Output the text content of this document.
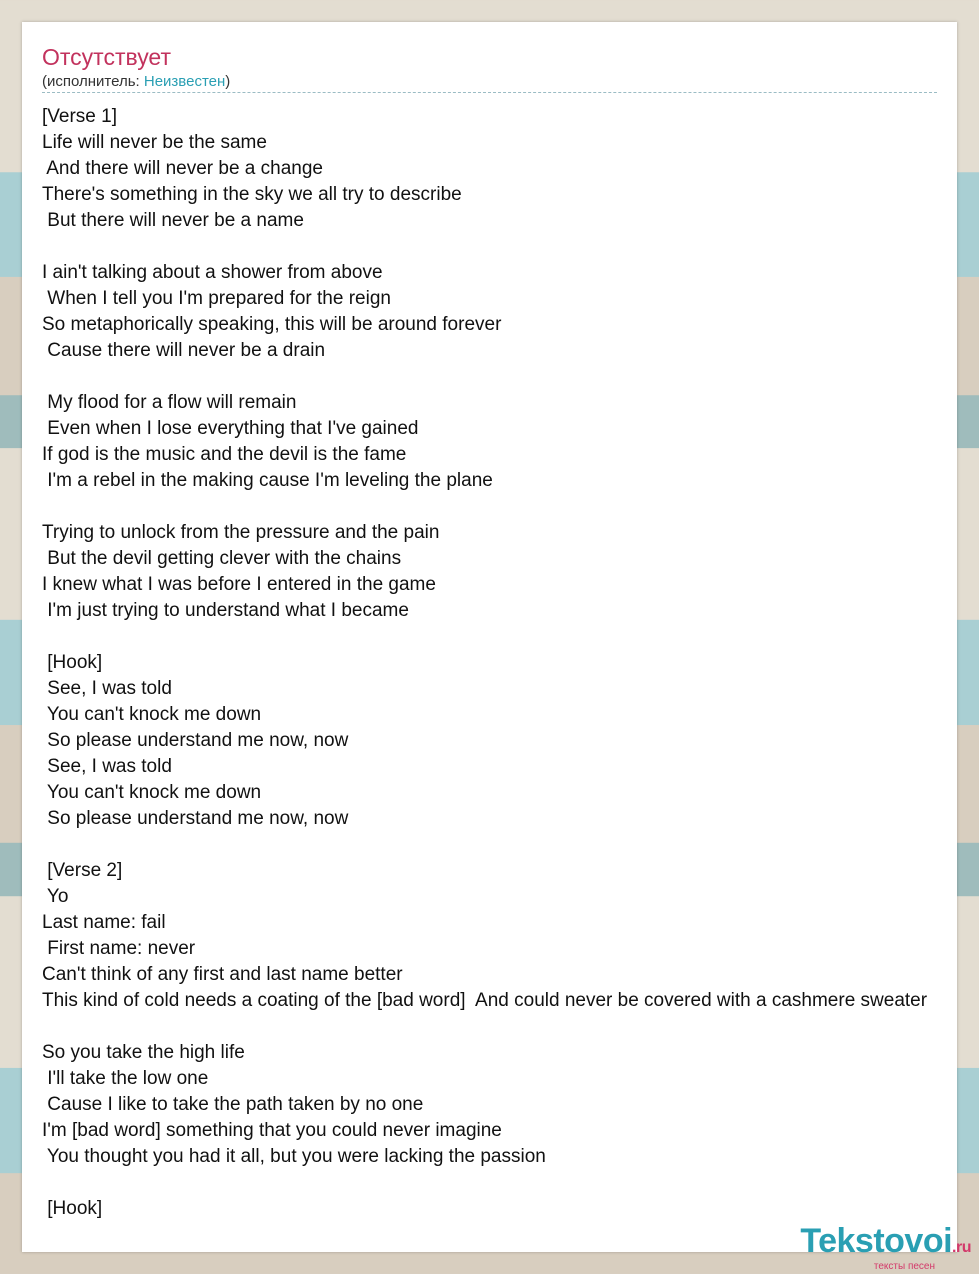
Отсутствует
(исполнитель: Неизвестен)
[Verse 1]
Life will never be the same
And there will never be a change
There's something in the sky we all try to describe
But there will never be a name
I ain't talking about a shower from above
When I tell you I'm prepared for the reign
So metaphorically speaking, this will be around forever
Cause there will never be a drain
My flood for a flow will remain
Even when I lose everything that I've gained
If god is the music and the devil is the fame
I'm a rebel in the making cause I'm leveling the plane
Trying to unlock from the pressure and the pain
But the devil getting clever with the chains
I knew what I was before I entered in the game
I'm just trying to understand what I became
[Hook]
See, I was told
You can't knock me down
So please understand me now, now
See, I was told
You can't knock me down
So please understand me now, now
[Verse 2]
Yo
Last name: fail
First name: never
Can't think of any first and last name better
This kind of cold needs a coating of the [bad word]  And could never be covered with a cashmere sweater
So you take the high life
I'll take the low one
Cause I like to take the path taken by no one
I'm [bad word] something that you could never imagine
You thought you had it all, but you were lacking the passion
[Hook]
Tekstovoi.ru
тексты песен
